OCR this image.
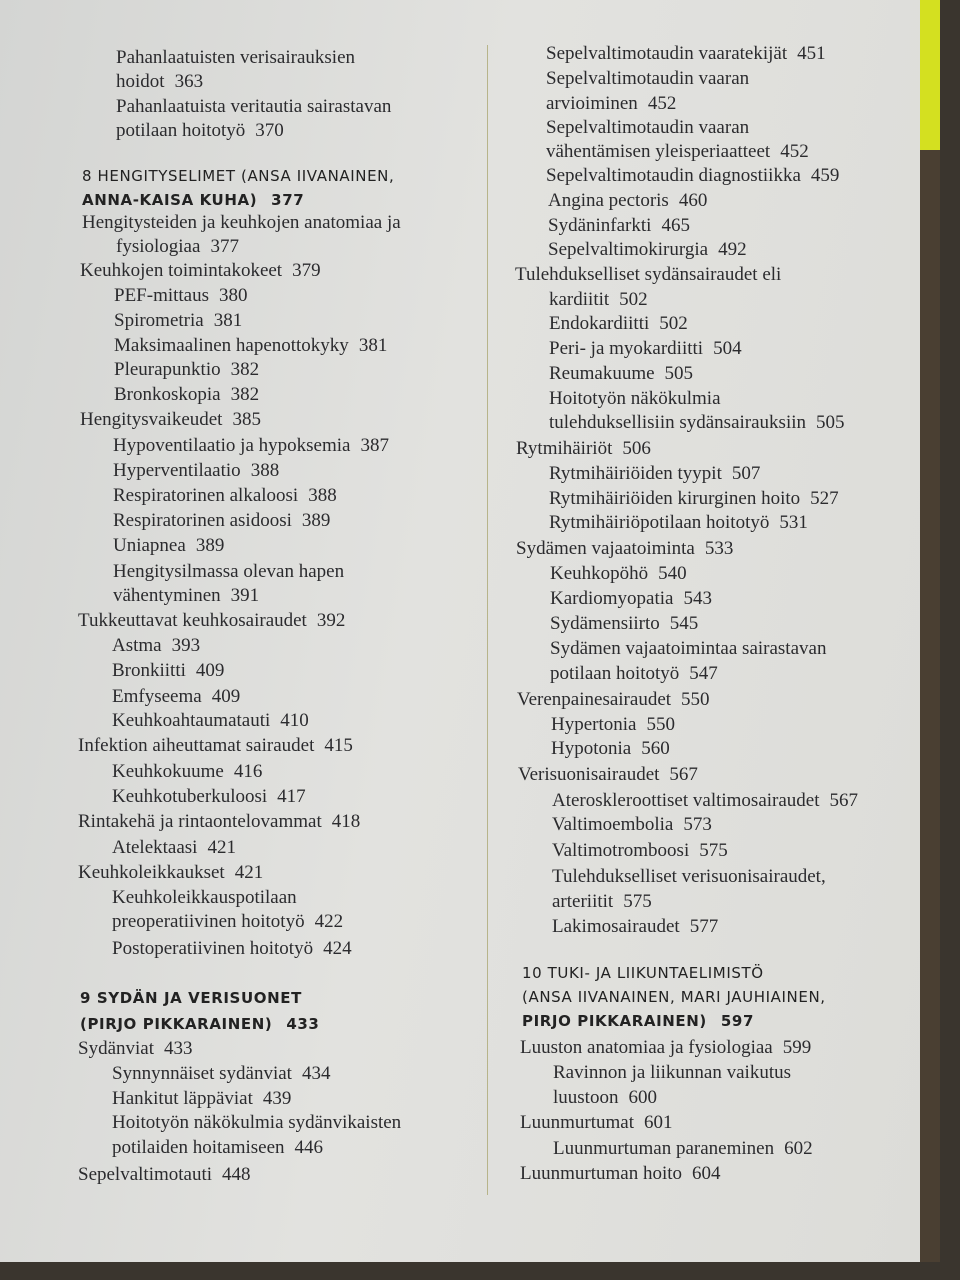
Pahanlaatuisten verisairauksien
hoidot 363
Pahanlaatuista veritautia sairastavan
potilaan hoitotyö 370
8 HENGITYSELIMET (ANSA IIVANAINEN,
ANNA-KAISA KUHA) 377
Hengitysteiden ja keuhkojen anatomiaa ja
fysiologiaa 377
Keuhkojen toimintakokeet 379
PEF-mittaus 380
Spirometria 381
Maksimaalinen hapenottokyky 381
Pleurapunktio 382
Bronkoskopia 382
Hengitysvaikeudet 385
Hypoventilaatio ja hypoksemia 387
Hyperventilaatio 388
Respiratorinen alkaloosi 388
Respiratorinen asidoosi 389
Uniapnea 389
Hengitysilmassa olevan hapen
vähentyminen 391
Tukkeuttavat keuhkosairaudet 392
Astma 393
Bronkiitti 409
Emfyseema 409
Keuhkoahtaumatauti 410
Infektion aiheuttamat sairaudet 415
Keuhkokuume 416
Keuhkotuberkuloosi 417
Rintakehä ja rintaontelovammat 418
Atelektaasi 421
Keuhkoleikkaukset 421
Keuhkoleikkauspotilaan
preoperatiivinen hoitotyö 422
Postoperatiivinen hoitotyö 424
9 SYDÄN JA VERISUONET
(PIRJO PIKKARAINEN) 433
Sydänviat 433
Synnynnäiset sydänviat 434
Hankitut läppäviat 439
Hoitotyön näkökulmia sydänvikaisten
potilaiden hoitamiseen 446
Sepelvaltimotauti 448
Sepelvaltimotaudin vaaratekijät 451
Sepelvaltimotaudin vaaran
arvioiminen 452
Sepelvaltimotaudin vaaran
vähentämisen yleisperiaatteet 452
Sepelvaltimotaudin diagnostiikka 459
Angina pectoris 460
Sydäninfarkti 465
Sepelvaltimokirurgia 492
Tulehdukselliset sydänsairaudet eli
kardiitit 502
Endokardiitti 502
Peri- ja myokardiitti 504
Reumakuume 505
Hoitotyön näkökulmia
tulehduksellisiin sydänsairauksiin 505
Rytmihäiriöt 506
Rytmihäiriöiden tyypit 507
Rytmihäiriöiden kirurginen hoito 527
Rytmihäiriöpotilaan hoitotyö 531
Sydämen vajaatoiminta 533
Keuhkopöhö 540
Kardiomyopatia 543
Sydämensiirto 545
Sydämen vajaatoimintaa sairastavan
potilaan hoitotyö 547
Verenpainesairaudet 550
Hypertonia 550
Hypotonia 560
Verisuonisairaudet 567
Ateroskleroottiset valtimosairaudet 567
Valtimoembolia 573
Valtimotromboosi 575
Tulehdukselliset verisuonisairaudet,
arteriitit 575
Lakimosairaudet 577
10 TUKI- JA LIIKUNTAELIMISTÖ
(ANSA IIVANAINEN, MARI JAUHIAINEN,
PIRJO PIKKARAINEN) 597
Luuston anatomiaa ja fysiologiaa 599
Ravinnon ja liikunnan vaikutus
luustoon 600
Luunmurtumat 601
Luunmurtuman paraneminen 602
Luunmurtuman hoito 604
